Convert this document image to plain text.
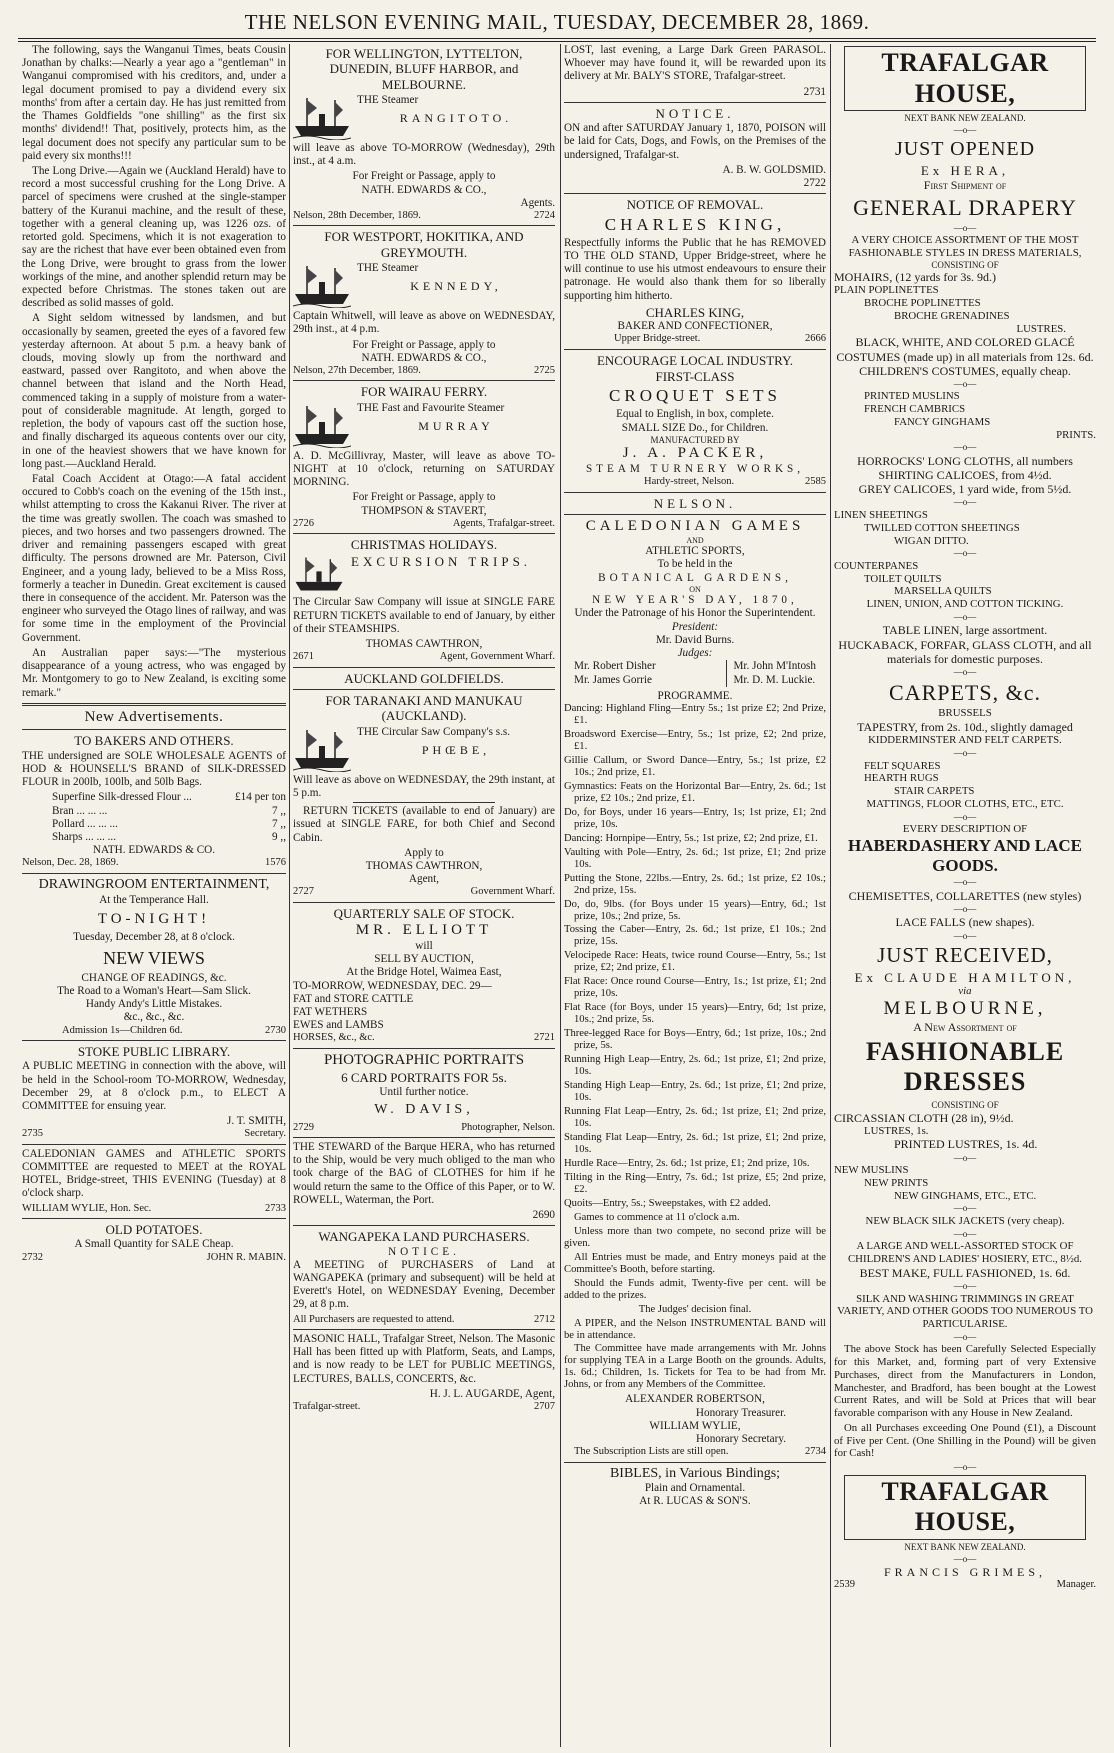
THE NELSON EVENING MAIL, TUESDAY, DECEMBER 28, 1869.

The following, says the Wanganui Times, beats Cousin Jonathan by chalks:—Nearly a year ago a "gentleman" in Wanganui compromised with his creditors, and, under a legal document promised to pay a dividend every six months' from after a certain day. He has just remitted from the Thames Goldfields "one shilling" as the first six months' dividend!! That, positively, protects him, as the legal document does not specify any particular sum to be paid every six months!!!

The Long Drive.—Again we (Auckland Herald) have to record a most successful crushing for the Long Drive. A parcel of specimens were crushed at the single-stamper battery of the Kuranui machine, and the result of these, together with a general cleaning up, was 1226 ozs. of retorted gold. Specimens, which it is not exageration to say are the richest that have ever been obtained even from the Long Drive, were brought to grass from the lower workings of the mine, and another splendid return may be expected before Christmas. The stones taken out are described as solid masses of gold.

A Sight seldom witnessed by landsmen, and but occasionally by seamen, greeted the eyes of a favored few yesterday afternoon. At about 5 p.m. a heavy bank of clouds, moving slowly up from the northward and eastward, passed over Rangitoto, and when above the channel between that island and the North Head, commenced taking in a supply of moisture from a water-pout of considerable magnitude. At length, gorged to repletion, the body of vapours cast off the suction hose, and finally discharged its aqueous contents over our city, in one of the heaviest showers that we have known for long past.—Auckland Herald.

Fatal Coach Accident at Otago:—A fatal accident occured to Cobb's coach on the evening of the 15th inst., whilst attempting to cross the Kakanui River. The river at the time was greatly swollen. The coach was smashed to pieces, and two horses and two passengers drowned. The driver and remaining passengers escaped with great difficulty. The persons drowned are Mr. Paterson, Civil Engineer, and a young lady, believed to be a Miss Ross, formerly a teacher in Dunedin. Great excitement is caused there in consequence of the accident. Mr. Paterson was the engineer who surveyed the Otago lines of railway, and was for some time in the employment of the Provincial Government.

An Australian paper says:—"The mysterious disappearance of a young actress, who was engaged by Mr. Montgomery to go to New Zealand, is exciting some remark."

New Advertisements.
TO BAKERS AND OTHERS.

THE undersigned are SOLE WHOLESALE AGENTS of HOD & HOUNSELL'S BRAND of SILK-DRESSED FLOUR in 200lb, 100lb, and 50lb Bags.

Superfine Silk-dressed Flour ...	£14 per ton
Bran ... ... ...	7 ,,
Pollard ... ... ...	7 ,,
Sharps ... ... ...	9 ,,
NATH. EDWARDS & CO.
Nelson, Dec. 28, 1869.	1576
DRAWINGROOM ENTERTAINMENT,
At the Temperance Hall.
TO-NIGHT!
Tuesday, December 28, at 8 o'clock.
NEW VIEWS
CHANGE OF READINGS, &c.
The Road to a Woman's Heart—Sam Slick.
Handy Andy's Little Mistakes.
&c., &c., &c.
Admission 1s—Children 6d.	2730
STOKE PUBLIC LIBRARY.

A PUBLIC MEETING in connection with the above, will be held in the School-room TO-MORROW, Wednesday, December 29, at 8 o'clock p.m., to ELECT A COMMITTEE for ensuing year.

J. T. SMITH,
2735	Secretary.

CALEDONIAN GAMES and ATHLETIC SPORTS COMMITTEE are requested to MEET at the ROYAL HOTEL, Bridge-street, THIS EVENING (Tuesday) at 8 o'clock sharp.

WILLIAM WYLIE, Hon. Sec.	2733
OLD POTATOES.
A Small Quantity for SALE Cheap.
2732	JOHN R. MABIN.
FOR WELLINGTON, LYTTELTON, DUNEDIN, BLUFF HARBOR, and MELBOURNE.
THE Steamer
RANGITOTO.

will leave as above TO-MORROW (Wednesday), 29th inst., at 4 a.m.

For Freight or Passage, apply to
NATH. EDWARDS & CO.,
Agents.
Nelson, 28th December, 1869.	2724
FOR WESTPORT, HOKITIKA, AND GREYMOUTH.
THE Steamer
KENNEDY,

Captain Whitwell, will leave as above on WEDNESDAY, 29th inst., at 4 p.m.

For Freight or Passage, apply to
NATH. EDWARDS & CO.,
Nelson, 27th December, 1869.	2725
FOR WAIRAU FERRY.
THE Fast and Favourite Steamer
MURRAY

A. D. McGillivray, Master, will leave as above TO-NIGHT at 10 o'clock, returning on SATURDAY MORNING.

For Freight or Passage, apply to
THOMPSON & STAVERT,
2726	Agents, Trafalgar-street.
CHRISTMAS HOLIDAYS.
EXCURSION TRIPS.

The Circular Saw Company will issue at SINGLE FARE RETURN TICKETS available to end of January, by either of their STEAMSHIPS.

THOMAS CAWTHRON,
2671	Agent, Government Wharf.
AUCKLAND GOLDFIELDS.
FOR TARANAKI AND MANUKAU (AUCKLAND).
THE Circular Saw Company's s.s.
PHŒBE,

Will leave as above on WEDNESDAY, the 29th instant, at 5 p.m.

RETURN TICKETS (available to end of January) are issued at SINGLE FARE, for both Chief and Second Cabin.

Apply to
THOMAS CAWTHRON,
Agent,
2727	Government Wharf.
QUARTERLY SALE OF STOCK.
MR. ELLIOTT
will
SELL BY AUCTION,
At the Bridge Hotel, Waimea East,
TO-MORROW, WEDNESDAY, DEC. 29—
FAT and STORE CATTLE
FAT WETHERS
EWES and LAMBS
HORSES, &c., &c.	2721
PHOTOGRAPHIC PORTRAITS
6 CARD PORTRAITS FOR 5s.
Until further notice.
W. DAVIS,
2729	Photographer, Nelson.

THE STEWARD of the Barque HERA, who has returned to the Ship, would be very much obliged to the man who took charge of the BAG of CLOTHES for him if he would return the same to the Office of this Paper, or to W. ROWELL, Waterman, the Port.

2690
WANGAPEKA LAND PURCHASERS.
NOTICE.

A MEETING of PURCHASERS of Land at WANGAPEKA (primary and subsequent) will be held at Everett's Hotel, on WEDNESDAY Evening, December 29, at 8 p.m.

All Purchasers are requested to attend.	2712

MASONIC HALL, Trafalgar Street, Nelson. The Masonic Hall has been fitted up with Platform, Seats, and Lamps, and is now ready to be LET for PUBLIC MEETINGS, LECTURES, BALLS, CONCERTS, &c.

H. J. L. AUGARDE, Agent,
Trafalgar-street.	2707

LOST, last evening, a Large Dark Green PARASOL. Whoever may have found it, will be rewarded upon its delivery at Mr. BALY'S STORE, Trafalgar-street.

2731
NOTICE.

ON and after SATURDAY January 1, 1870, POISON will be laid for Cats, Dogs, and Fowls, on the Premises of the undersigned, Trafalgar-st.

A. B. W. GOLDSMID.
2722
NOTICE OF REMOVAL.
CHARLES KING,

Respectfully informs the Public that he has REMOVED TO THE OLD STAND, Upper Bridge-street, where he will continue to use his utmost endeavours to ensure their patronage. He would also thank them for so liberally supporting him hitherto.

CHARLES KING,
BAKER AND CONFECTIONER,
Upper Bridge-street.	2666
ENCOURAGE LOCAL INDUSTRY.
FIRST-CLASS
CROQUET SETS
Equal to English, in box, complete.
SMALL SIZE Do., for Children.
MANUFACTURED BY
J. A. PACKER,
STEAM TURNERY WORKS,
Hardy-street, Nelson.	2585
NELSON.
CALEDONIAN GAMES
AND
ATHLETIC SPORTS,
To be held in the
BOTANICAL GARDENS,
ON
NEW YEAR'S DAY, 1870,
Under the Patronage of his Honor the Superintendent.
President:
Mr. David Burns.
Judges:
Mr. Robert Disher
Mr. James Gorrie
Mr. John M'Intosh
Mr. D. M. Luckie.
PROGRAMME.

Dancing: Highland Fling—Entry 5s.; 1st prize £2; 2nd Prize, £1.

Broadsword Exercise—Entry, 5s.; 1st prize, £2; 2nd prize, £1.

Gillie Callum, or Sword Dance—Entry, 5s.; 1st prize, £2 10s.; 2nd prize, £1.

Gymnastics: Feats on the Horizontal Bar—Entry, 2s. 6d.; 1st prize, £2 10s.; 2nd prize, £1.

Do, for Boys, under 16 years—Entry, 1s; 1st prize, £1; 2nd prize, 10s.

Dancing: Hornpipe—Entry, 5s.; 1st prize, £2; 2nd prize, £1.

Vaulting with Pole—Entry, 2s. 6d.; 1st prize, £1; 2nd prize 10s.

Putting the Stone, 22lbs.—Entry, 2s. 6d.; 1st prize, £2 10s.; 2nd prize, 15s.

Do, do, 9lbs. (for Boys under 15 years)—Entry, 6d.; 1st prize, 10s.; 2nd prize, 5s.

Tossing the Caber—Entry, 2s. 6d.; 1st prize, £1 10s.; 2nd prize, 15s.

Velocipede Race: Heats, twice round Course—Entry, 5s.; 1st prize, £2; 2nd prize, £1.

Flat Race: Once round Course—Entry, 1s.; 1st prize, £1; 2nd prize, 10s.

Flat Race (for Boys, under 15 years)—Entry, 6d; 1st prize, 10s.; 2nd prize, 5s.

Three-legged Race for Boys—Entry, 6d.; 1st prize, 10s.; 2nd prize, 5s.

Running High Leap—Entry, 2s. 6d.; 1st prize, £1; 2nd prize, 10s.

Standing High Leap—Entry, 2s. 6d.; 1st prize, £1; 2nd prize, 10s.

Running Flat Leap—Entry, 2s. 6d.; 1st prize, £1; 2nd prize, 10s.

Standing Flat Leap—Entry, 2s. 6d.; 1st prize, £1; 2nd prize, 10s.

Hurdle Race—Entry, 2s. 6d.; 1st prize, £1; 2nd prize, 10s.

Tilting in the Ring—Entry, 7s. 6d.; 1st prize, £5; 2nd prize, £2.

Quoits—Entry, 5s.; Sweepstakes, with £2 added.

Games to commence at 11 o'clock a.m.

Unless more than two compete, no second prize will be given.

All Entries must be made, and Entry moneys paid at the Committee's Booth, before starting.

Should the Funds admit, Twenty-five per cent. will be added to the prizes.

The Judges' decision final.

A PIPER, and the Nelson INSTRUMENTAL BAND will be in attendance.

The Committee have made arrangements with Mr. Johns for supplying TEA in a Large Booth on the grounds. Adults, 1s. 6d.; Children, 1s. Tickets for Tea to be had from Mr. Johns, or from any Members of the Committee.

ALEXANDER ROBERTSON,
Honorary Treasurer.
WILLIAM WYLIE,
Honorary Secretary.
The Subscription Lists are still open.	2734
BIBLES, in Various Bindings;
Plain and Ornamental.
At R. LUCAS & SON'S.
TRAFALGAR HOUSE,
NEXT BANK NEW ZEALAND.
—o—
JUST OPENED
Ex HERA,
First Shipment of
GENERAL DRAPERY
—o—
A VERY CHOICE ASSORTMENT OF THE MOST FASHIONABLE STYLES IN DRESS MATERIALS,
CONSISTING OF
MOHAIRS, (12 yards for 3s. 9d.)
PLAIN POPLINETTES
BROCHE POPLINETTES
BROCHE GRENADINES
LUSTRES.
BLACK, WHITE, AND COLORED GLACÉ COSTUMES (made up) in all materials from 12s. 6d.
CHILDREN'S COSTUMES, equally cheap.
—o—
PRINTED MUSLINS
FRENCH CAMBRICS
FANCY GINGHAMS
PRINTS.
—o—
HORROCKS' LONG CLOTHS, all numbers SHIRTING CALICOES, from 4½d.
GREY CALICOES, 1 yard wide, from 5½d.
—o—
LINEN SHEETINGS
TWILLED COTTON SHEETINGS
WIGAN DITTO.
—o—
COUNTERPANES
TOILET QUILTS
MARSELLA QUILTS
LINEN, UNION, AND COTTON TICKING.
—o—
TABLE LINEN, large assortment.
HUCKABACK, FORFAR, GLASS CLOTH, and all materials for domestic purposes.
—o—
CARPETS, &c.
BRUSSELS
TAPESTRY, from 2s. 10d., slightly damaged
KIDDERMINSTER AND FELT CARPETS.
—o—
FELT SQUARES
HEARTH RUGS
STAIR CARPETS
MATTINGS, FLOOR CLOTHS, ETC., ETC.
—o—
EVERY DESCRIPTION OF
HABERDASHERY AND LACE GOODS.
—o—
CHEMISETTES, COLLARETTES (new styles)
—o—
LACE FALLS (new shapes).
—o—
JUST RECEIVED,
Ex CLAUDE HAMILTON,
via
MELBOURNE,
A New Assortment of
FASHIONABLE DRESSES
CONSISTING OF
CIRCASSIAN CLOTH (28 in), 9½d.
LUSTRES, 1s.
PRINTED LUSTRES, 1s. 4d.
—o—
NEW MUSLINS
NEW PRINTS
NEW GINGHAMS, ETC., ETC.
—o—
NEW BLACK SILK JACKETS (very cheap).
—o—
A LARGE AND WELL-ASSORTED STOCK OF CHILDREN'S AND LADIES' HOSIERY, ETC., 8½d.
BEST MAKE, FULL FASHIONED, 1s. 6d.
—o—
SILK AND WASHING TRIMMINGS IN GREAT VARIETY, AND OTHER GOODS TOO NUMEROUS TO PARTICULARISE.
—o—

The above Stock has been Carefully Selected Especially for this Market, and, forming part of very Extensive Purchases, direct from the Manufacturers in London, Manchester, and Bradford, has been bought at the Lowest Current Rates, and will be Sold at Prices that will bear favorable comparison with any House in New Zealand.

On all Purchases exceeding One Pound (£1), a Discount of Five per Cent. (One Shilling in the Pound) will be given for Cash!

—o—
TRAFALGAR HOUSE,
NEXT BANK NEW ZEALAND.
—o—
FRANCIS GRIMES,
2539	Manager.
